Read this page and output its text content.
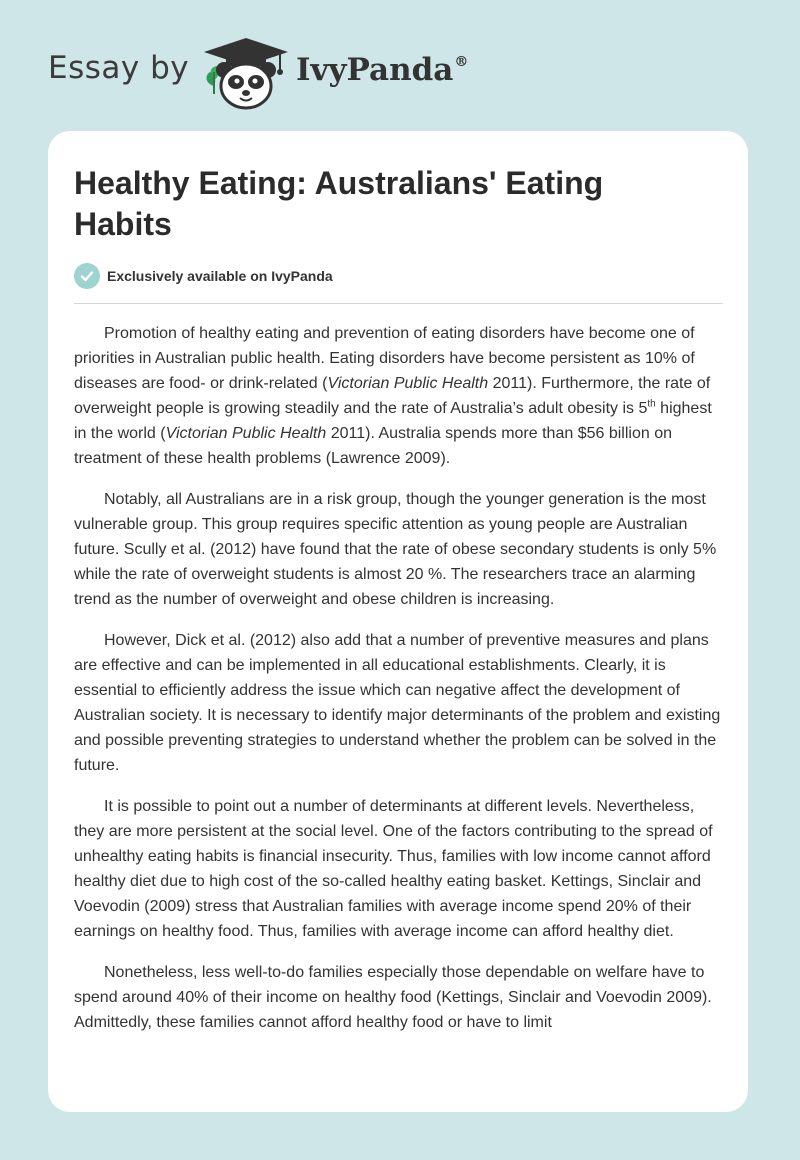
Essay by	IvyPanda®
Healthy Eating: Australians' Eating Habits
Exclusively available on IvyPanda

Promotion of healthy eating and prevention of eating disorders have become one of priorities in Australian public health. Eating disorders have become persistent as 10% of diseases are food- or drink-related (Victorian Public Health 2011). Furthermore, the rate of overweight people is growing steadily and the rate of Australia’s adult obesity is 5th highest in the world (Victorian Public Health 2011). Australia spends more than $56 billion on treatment of these health problems (Lawrence 2009).

Notably, all Australians are in a risk group, though the younger generation is the most vulnerable group. This group requires specific attention as young people are Australian future. Scully et al. (2012) have found that the rate of obese secondary students is only 5% while the rate of overweight students is almost 20 %. The researchers trace an alarming trend as the number of overweight and obese children is increasing.

However, Dick et al. (2012) also add that a number of preventive measures and plans are effective and can be implemented in all educational establishments. Clearly, it is essential to efficiently address the issue which can negative affect the development of Australian society. It is necessary to identify major determinants of the problem and existing and possible preventing strategies to understand whether the problem can be solved in the future.

It is possible to point out a number of determinants at different levels. Nevertheless, they are more persistent at the social level. One of the factors contributing to the spread of unhealthy eating habits is financial insecurity. Thus, families with low income cannot afford healthy diet due to high cost of the so-called healthy eating basket. Kettings, Sinclair and Voevodin (2009) stress that Australian families with average income spend 20% of their earnings on healthy food. Thus, families with average income can afford healthy diet.

Nonetheless, less well-to-do families especially those dependable on welfare have to spend around 40% of their income on healthy food (Kettings, Sinclair and Voevodin 2009). Admittedly, these families cannot afford healthy food or have to limit
